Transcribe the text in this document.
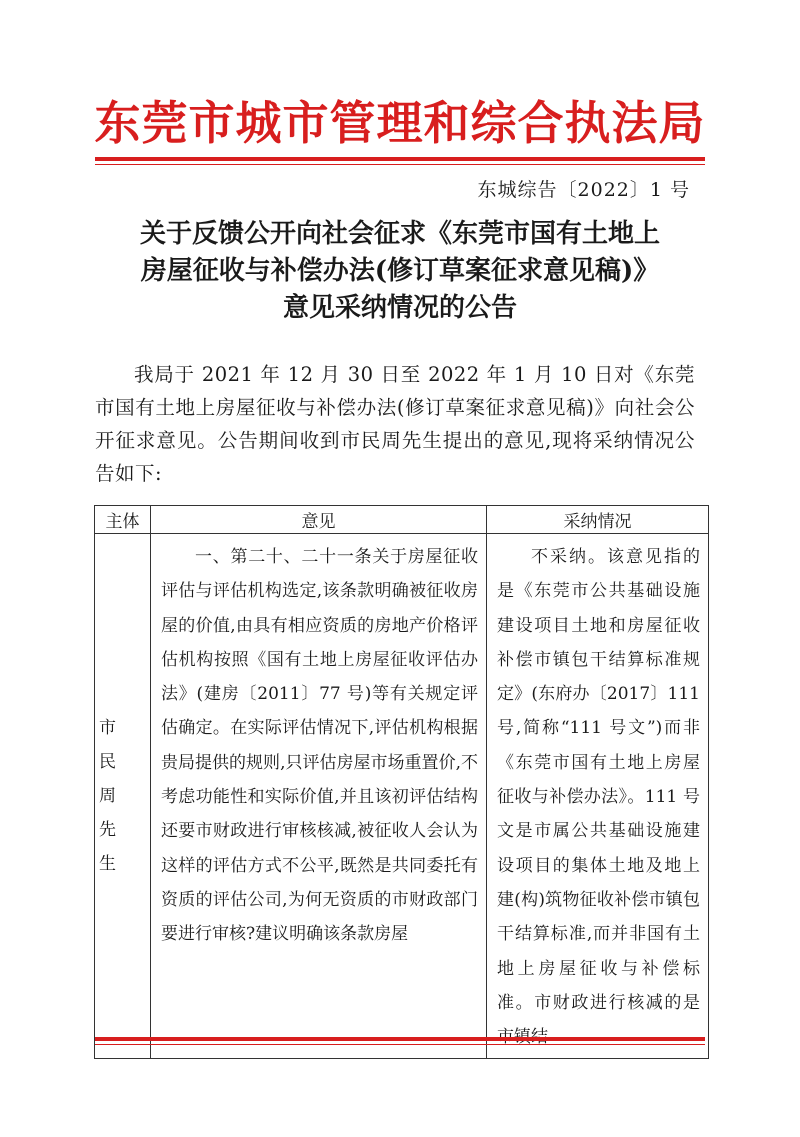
东莞市城市管理和综合执法局
东城综告〔2022〕1 号
关于反馈公开向社会征求《东莞市国有土地上
房屋征收与补偿办法(修订草案征求意见稿)》
意见采纳情况的公告
我局于 2021 年 12 月 30 日至 2022 年 1 月 10 日对《东莞市国有土地上房屋征收与补偿办法(修订草案征求意见稿)》向社会公开征求意见。公告期间收到市民周先生提出的意见,现将采纳情况公告如下:
主体	意见	采纳情况
市民周先生	一、第二十、二十一条关于房屋征收评估与评估机构选定,该条款明确被征收房屋的价值,由具有相应资质的房地产价格评估机构按照《国有土地上房屋征收评估办法》(建房〔2011〕77 号)等有关规定评估确定。在实际评估情况下,评估机构根据贵局提供的规则,只评估房屋市场重置价,不考虑功能性和实际价值,并且该初评估结构还要市财政进行审核核减,被征收人会认为这样的评估方式不公平,既然是共同委托有资质的评估公司,为何无资质的市财政部门要进行审核?建议明确该条款房屋	不采纳。该意见指的是《东莞市公共基础设施建设项目土地和房屋征收补偿市镇包干结算标准规定》(东府办〔2017〕111 号,简称“111 号文”)而非《东莞市国有土地上房屋征收与补偿办法》。111 号文是市属公共基础设施建设项目的集体土地及地上建(构)筑物征收补偿市镇包干结算标准,而并非国有土地上房屋征收与补偿标准。市财政进行核减的是
